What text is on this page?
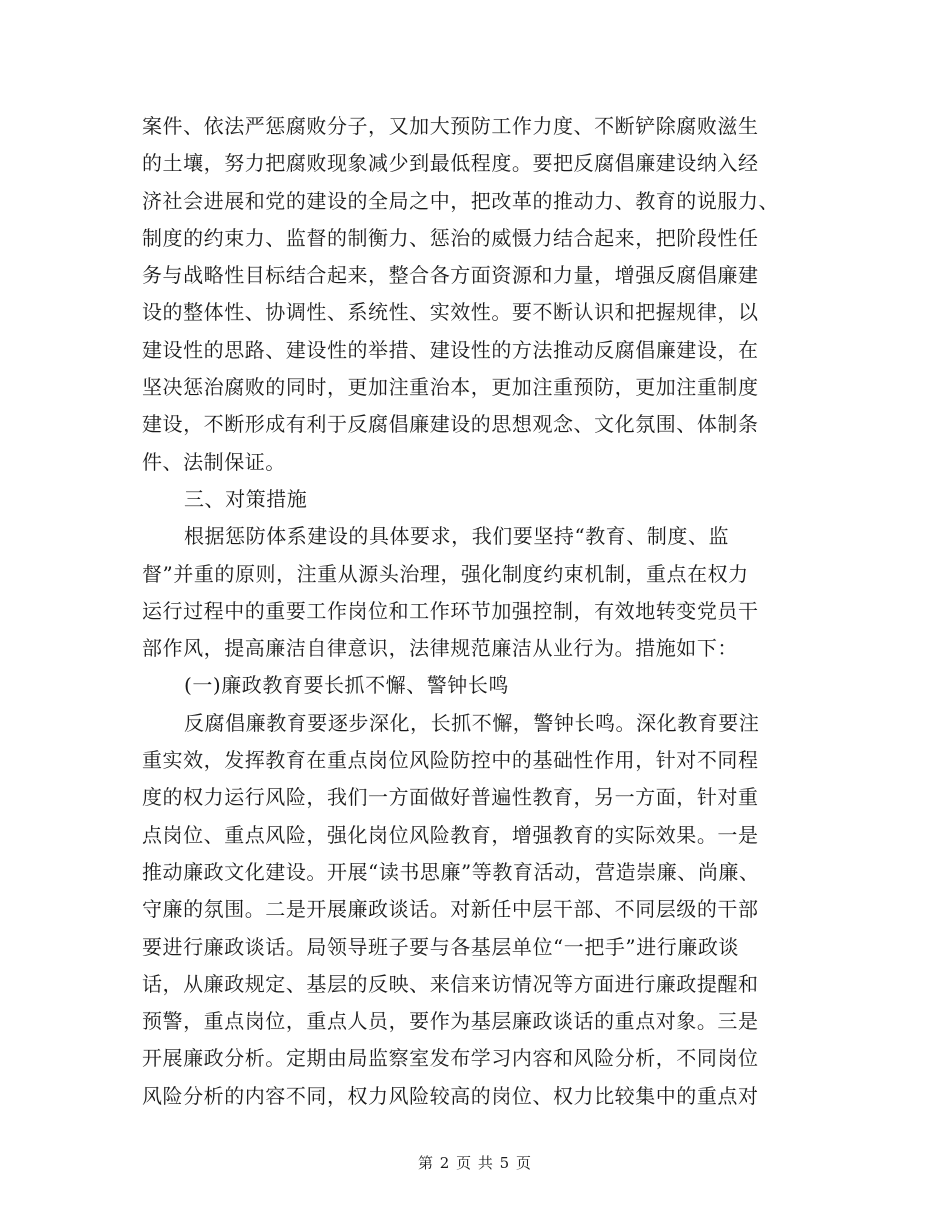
案件、依法严惩腐败分子，又加大预防工作力度、不断铲除腐败滋生
的土壤，努力把腐败现象减少到最低程度。要把反腐倡廉建设纳入经
济社会进展和党的建设的全局之中，把改革的推动力、教育的说服力、
制度的约束力、监督的制衡力、惩治的威慑力结合起来，把阶段性任
务与战略性目标结合起来，整合各方面资源和力量，增强反腐倡廉建
设的整体性、协调性、系统性、实效性。要不断认识和把握规律，以
建设性的思路、建设性的举措、建设性的方法推动反腐倡廉建设，在
坚决惩治腐败的同时，更加注重治本，更加注重预防，更加注重制度
建设，不断形成有利于反腐倡廉建设的思想观念、文化氛围、体制条
件、法制保证。
三、对策措施
根据惩防体系建设的具体要求，我们要坚持“教育、制度、监
督”并重的原则，注重从源头治理，强化制度约束机制，重点在权力
运行过程中的重要工作岗位和工作环节加强控制，有效地转变党员干
部作风，提高廉洁自律意识，法律规范廉洁从业行为。措施如下：
(一)廉政教育要长抓不懈、警钟长鸣
反腐倡廉教育要逐步深化，长抓不懈，警钟长鸣。深化教育要注
重实效，发挥教育在重点岗位风险防控中的基础性作用，针对不同程
度的权力运行风险，我们一方面做好普遍性教育，另一方面，针对重
点岗位、重点风险，强化岗位风险教育，增强教育的实际效果。一是
推动廉政文化建设。开展“读书思廉”等教育活动，营造崇廉、尚廉、
守廉的氛围。二是开展廉政谈话。对新任中层干部、不同层级的干部
要进行廉政谈话。局领导班子要与各基层单位“一把手”进行廉政谈
话，从廉政规定、基层的反映、来信来访情况等方面进行廉政提醒和
预警，重点岗位，重点人员，要作为基层廉政谈话的重点对象。三是
开展廉政分析。定期由局监察室发布学习内容和风险分析，不同岗位
风险分析的内容不同，权力风险较高的岗位、权力比较集中的重点对
第 2 页 共 5 页
